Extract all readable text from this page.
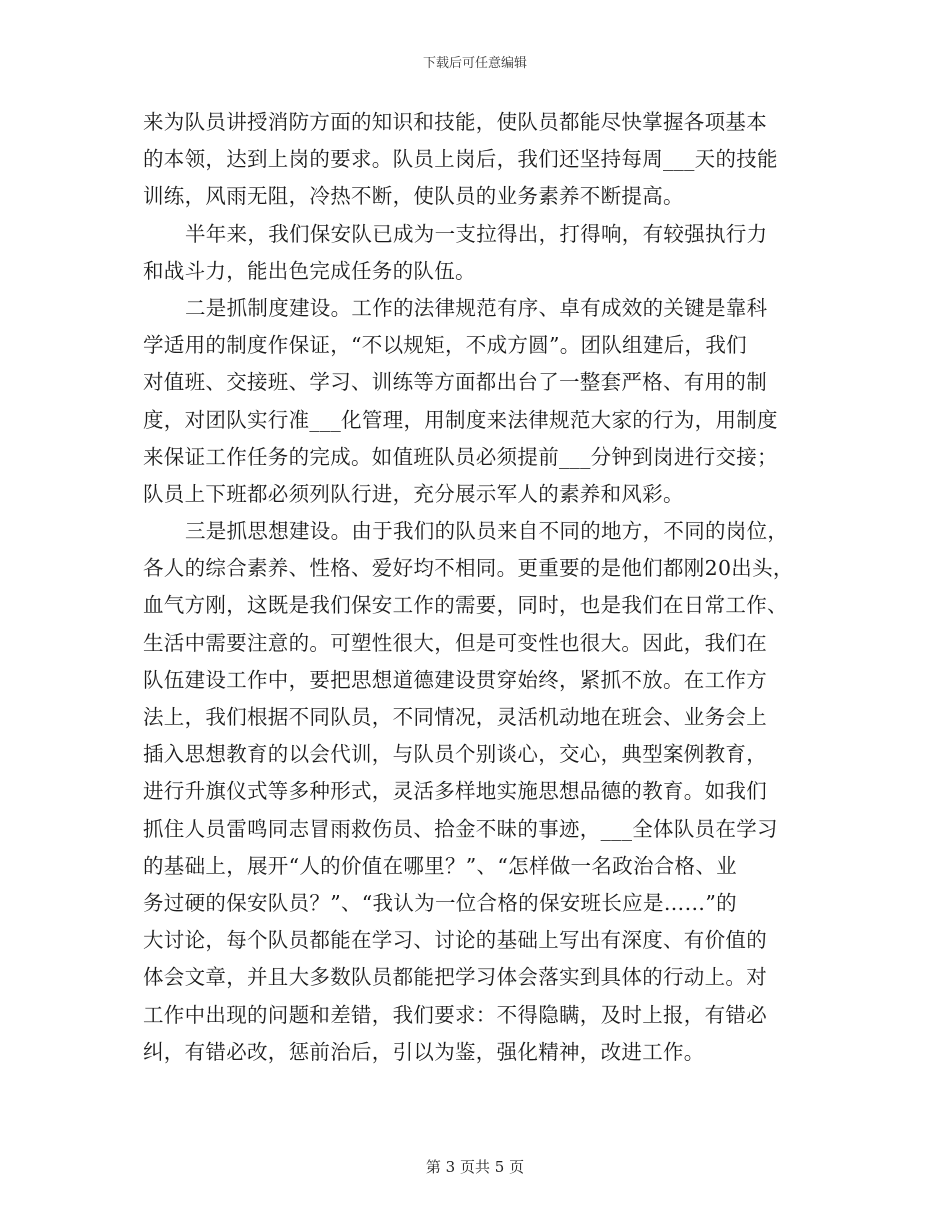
下载后可任意编辑
来为队员讲授消防方面的知识和技能，使队员都能尽快掌握各项基本
的本领，达到上岗的要求。队员上岗后，我们还坚持每周___天的技能
训练，风雨无阻，冷热不断，使队员的业务素养不断提高。
半年来，我们保安队已成为一支拉得出，打得响，有较强执行力
和战斗力，能出色完成任务的队伍。
二是抓制度建设。工作的法律规范有序、卓有成效的关键是靠科
学适用的制度作保证，“不以规矩，不成方圆”。团队组建后，我们
对值班、交接班、学习、训练等方面都出台了一整套严格、有用的制
度，对团队实行准___化管理，用制度来法律规范大家的行为，用制度
来保证工作任务的完成。如值班队员必须提前___分钟到岗进行交接；
队员上下班都必须列队行进，充分展示军人的素养和风彩。
三是抓思想建设。由于我们的队员来自不同的地方，不同的岗位，
各人的综合素养、性格、爱好均不相同。更重要的是他们都刚20出头，
血气方刚，这既是我们保安工作的需要，同时，也是我们在日常工作、
生活中需要注意的。可塑性很大，但是可变性也很大。因此，我们在
队伍建设工作中，要把思想道德建设贯穿始终，紧抓不放。在工作方
法上，我们根据不同队员，不同情况，灵活机动地在班会、业务会上
插入思想教育的以会代训，与队员个别谈心，交心，典型案例教育，
进行升旗仪式等多种形式，灵活多样地实施思想品德的教育。如我们
抓住人员雷鸣同志冒雨救伤员、拾金不昧的事迹，___全体队员在学习
的基础上，展开“人的价值在哪里？”、“怎样做一名政治合格、业
务过硬的保安队员？”、“我认为一位合格的保安班长应是……”的
大讨论，每个队员都能在学习、讨论的基础上写出有深度、有价值的
体会文章，并且大多数队员都能把学习体会落实到具体的行动上。对
工作中出现的问题和差错，我们要求：不得隐瞒，及时上报，有错必
纠，有错必改，惩前治后，引以为鉴，强化精神，改进工作。
第 3 页共 5 页
